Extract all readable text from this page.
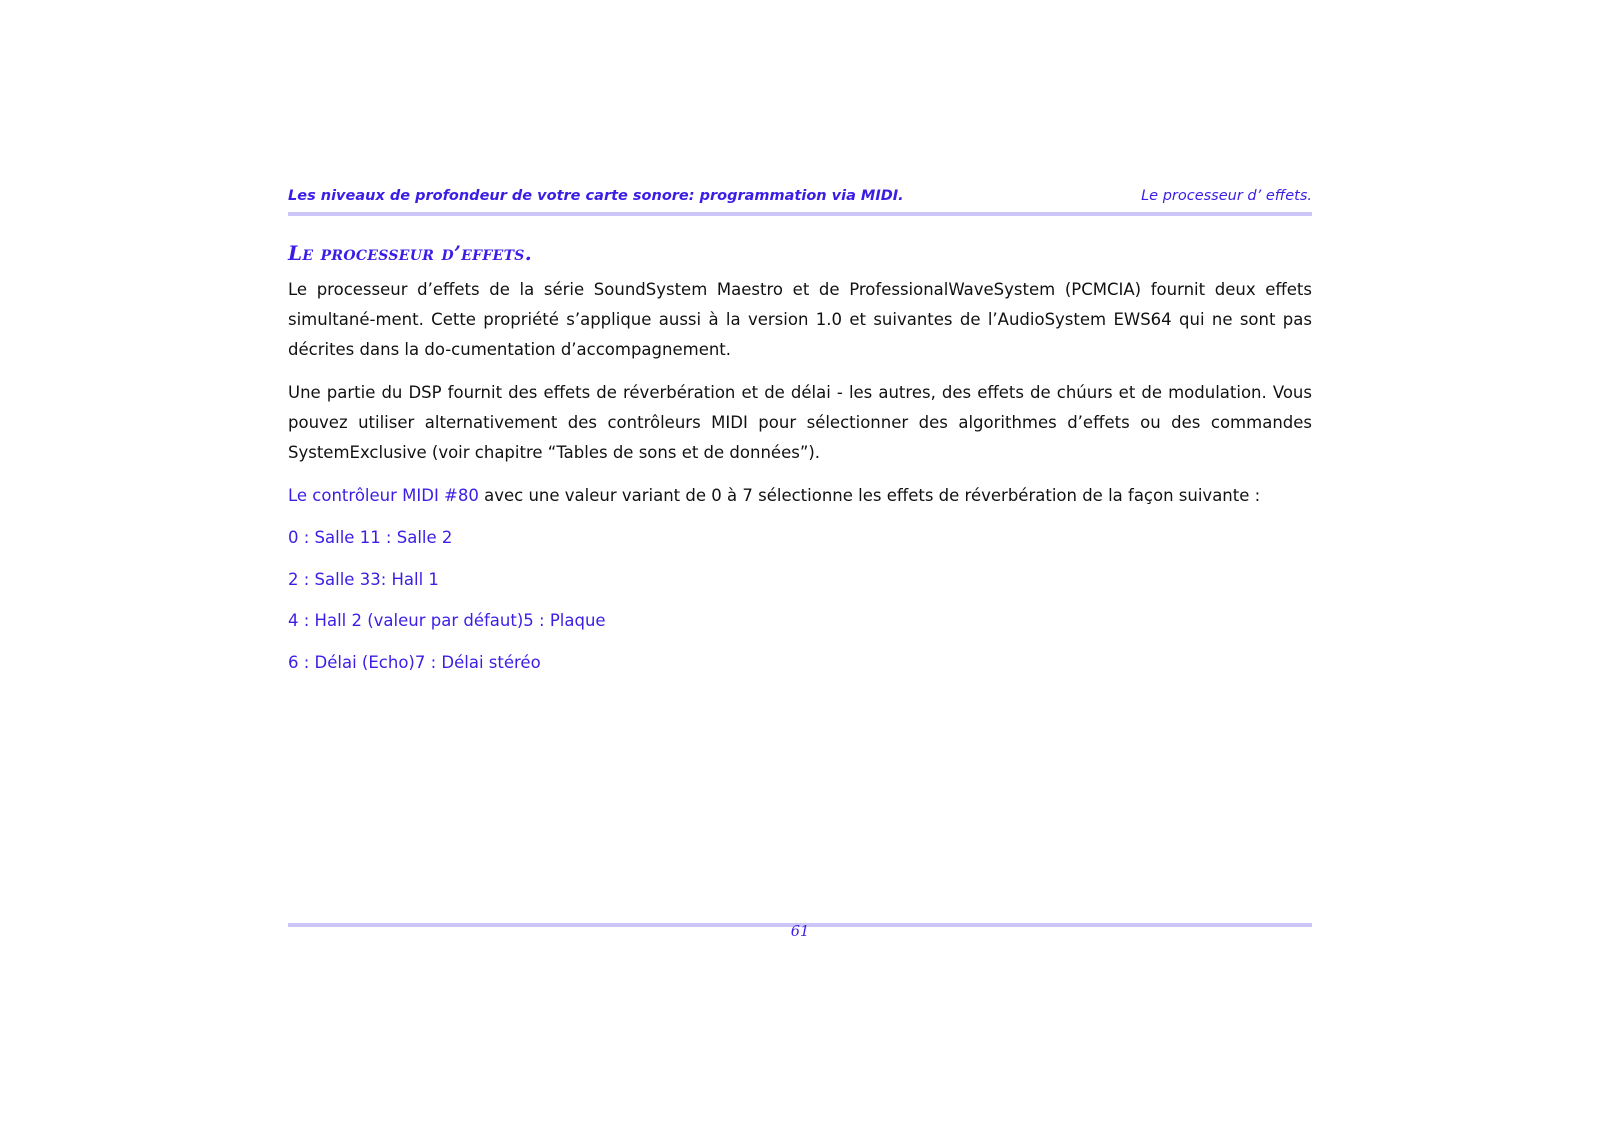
Les niveaux de profondeur de votre carte sonore: programmation via MIDI.	Le processeur d’ effets.
Le processeur d’effets.
Le processeur d’effets de la série SoundSystem Maestro et de ProfessionalWaveSystem (PCMCIA) fournit deux effets simultané-ment. Cette propriété s’applique aussi à la version 1.0 et suivantes de l’AudioSystem EWS64 qui ne sont pas décrites dans la do-cumentation d’accompagnement.
Une partie du DSP fournit des effets de réverbération et de délai - les autres, des effets de chúurs et de modulation. Vous pouvez utiliser alternativement des contrôleurs MIDI pour sélectionner des algorithmes d’effets ou des commandes SystemExclusive (voir chapitre “Tables de sons et de données”).
Le contrôleur MIDI #80 avec une valeur variant de 0 à 7 sélectionne les effets de réverbération de la façon suivante :
0 : Salle 11 : Salle 2
2 : Salle 33: Hall 1
4 : Hall 2 (valeur par défaut)5 : Plaque
6 : Délai (Echo)7 : Délai stéréo
61
